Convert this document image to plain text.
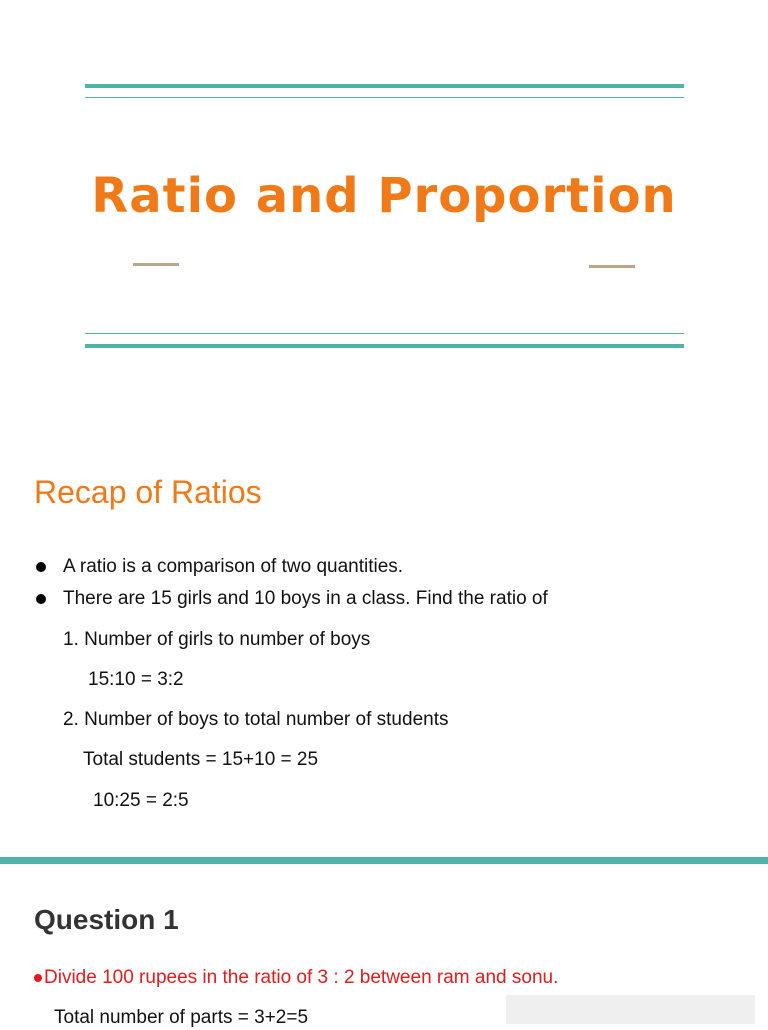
Ratio and Proportion
Recap of Ratios
A ratio is a comparison of two quantities.
There are 15 girls and 10 boys in a class. Find the ratio of
1. Number of girls to number of boys
15:10 = 3:2
2. Number of boys to total number of students
Total students = 15+10 = 25
10:25 = 2:5
Question 1
Divide 100 rupees in the ratio of 3 : 2 between ram and sonu.
Total number of parts = 3+2=5
